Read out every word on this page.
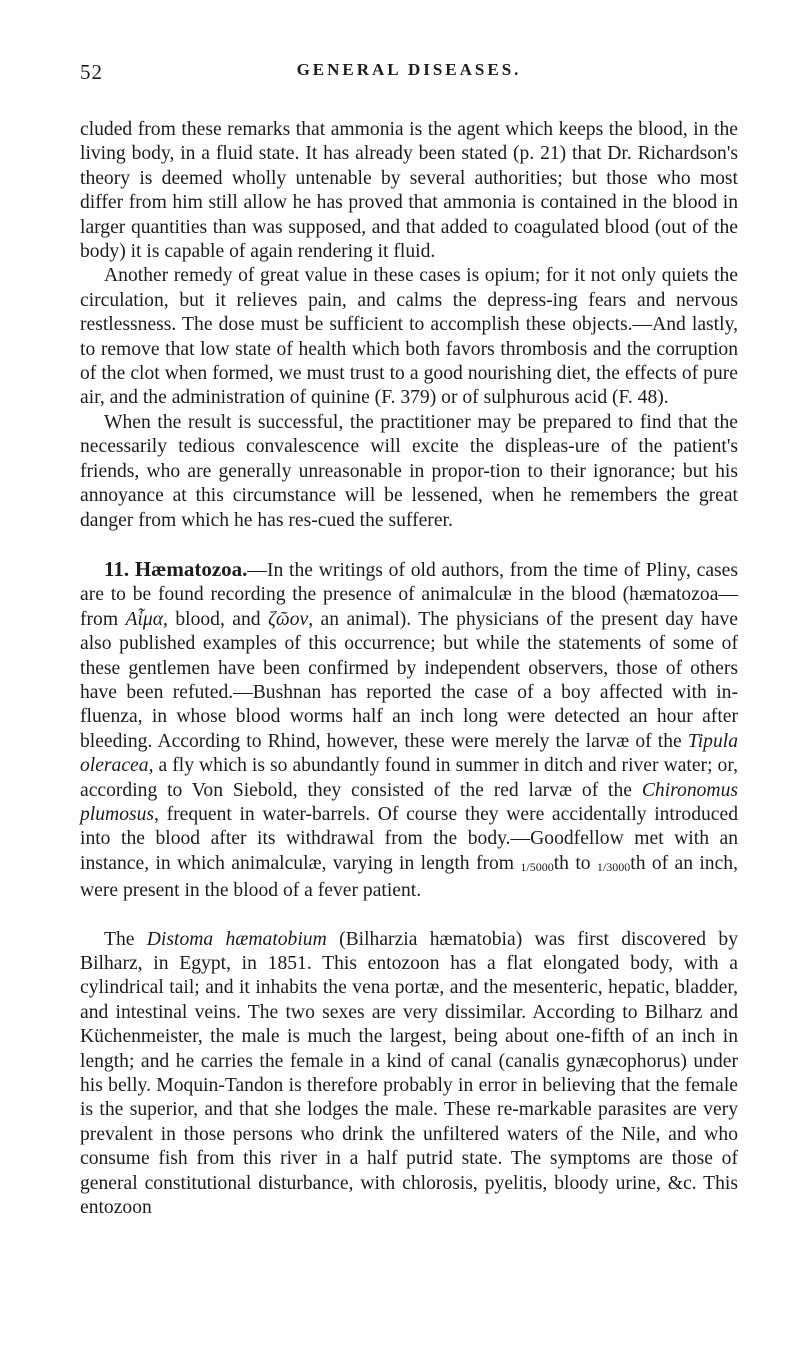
52	GENERAL DISEASES.

cluded from these remarks that ammonia is the agent which keeps the blood, in the living body, in a fluid state. It has already been stated (p. 21) that Dr. Richardson's theory is deemed wholly untenable by several authorities; but those who most differ from him still allow he has proved that ammonia is contained in the blood in larger quantities than was supposed, and that added to coagulated blood (out of the body) it is capable of again rendering it fluid.

Another remedy of great value in these cases is opium; for it not only quiets the circulation, but it relieves pain, and calms the depress-ing fears and nervous restlessness. The dose must be sufficient to accomplish these objects.—And lastly, to remove that low state of health which both favors thrombosis and the corruption of the clot when formed, we must trust to a good nourishing diet, the effects of pure air, and the administration of quinine (F. 379) or of sulphurous acid (F. 48).

When the result is successful, the practitioner may be prepared to find that the necessarily tedious convalescence will excite the displeas-ure of the patient's friends, who are generally unreasonable in propor-tion to their ignorance; but his annoyance at this circumstance will be lessened, when he remembers the great danger from which he has res-cued the sufferer.

11. Hæmatozoa.—In the writings of old authors, from the time of Pliny, cases are to be found recording the presence of animalculæ in the blood (hæmatozoa—from Aἷμα, blood, and ζῶον, an animal). The physicians of the present day have also published examples of this occurrence; but while the statements of some of these gentlemen have been confirmed by independent observers, those of others have been refuted.—Bushnan has reported the case of a boy affected with in-fluenza, in whose blood worms half an inch long were detected an hour after bleeding. According to Rhind, however, these were merely the larvæ of the Tipula oleracea, a fly which is so abundantly found in summer in ditch and river water; or, according to Von Siebold, they consisted of the red larvæ of the Chironomus plumosus, frequent in water-barrels. Of course they were accidentally introduced into the blood after its withdrawal from the body.—Goodfellow met with an instance, in which animalculæ, varying in length from 1/5000th to 1/3000th of an inch, were present in the blood of a fever patient.

The Distoma hæmatobium (Bilharzia hæmatobia) was first discovered by Bilharz, in Egypt, in 1851. This entozoon has a flat elongated body, with a cylindrical tail; and it inhabits the vena portæ, and the mesenteric, hepatic, bladder, and intestinal veins. The two sexes are very dissimilar. According to Bilharz and Küchenmeister, the male is much the largest, being about one-fifth of an inch in length; and he carries the female in a kind of canal (canalis gynæcophorus) under his belly. Moquin-Tandon is therefore probably in error in believing that the female is the superior, and that she lodges the male. These re-markable parasites are very prevalent in those persons who drink the unfiltered waters of the Nile, and who consume fish from this river in a half putrid state. The symptoms are those of general constitutional disturbance, with chlorosis, pyelitis, bloody urine, &c. This entozoon
